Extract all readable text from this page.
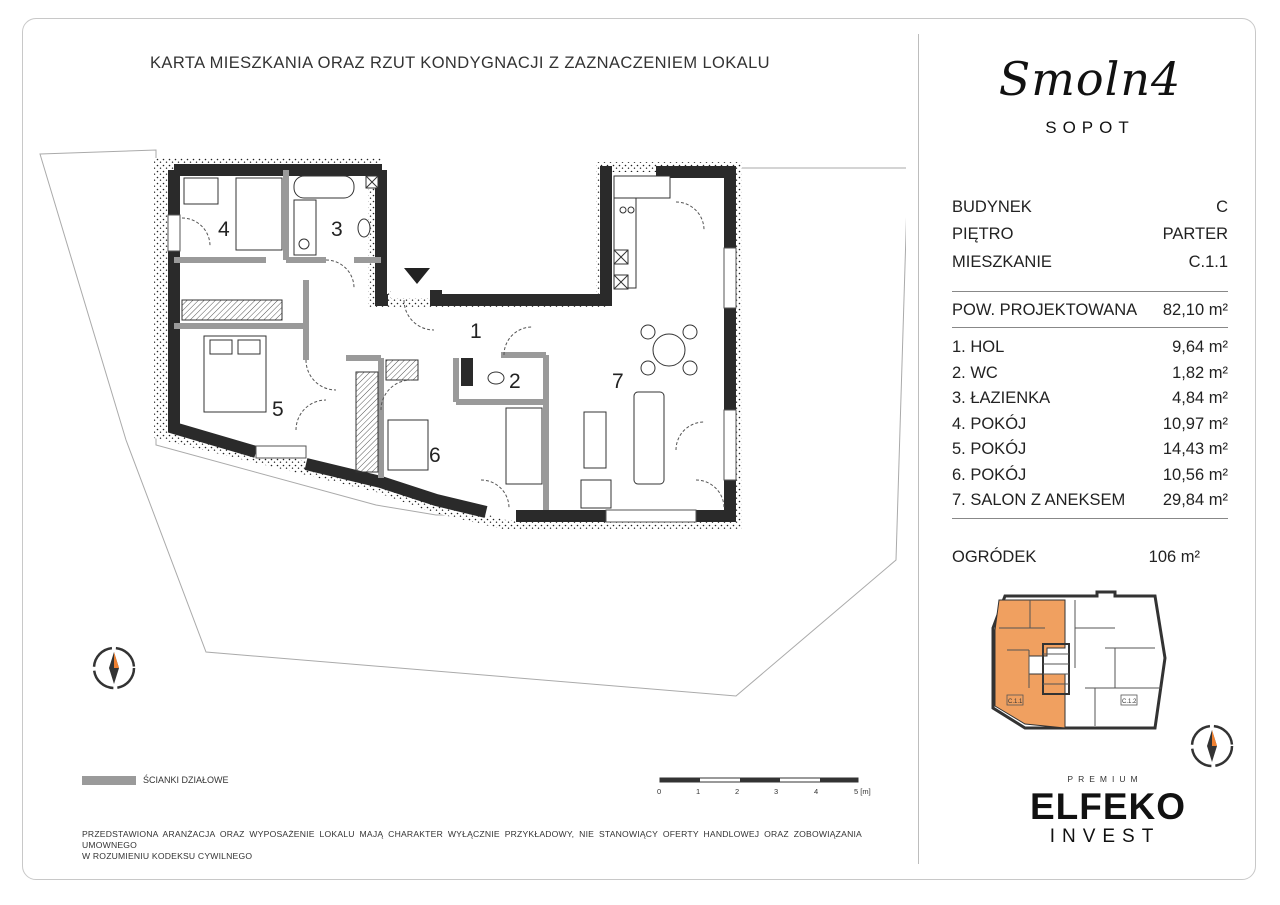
KARTA MIESZKANIA ORAZ RZUT KONDYGNACJI Z ZAZNACZENIEM LOKALU
1
2
3
4
5
6
7
ŚCIANKI DZIAŁOWE
0	1	2	3	4	5 [m]
PRZEDSTAWIONA ARANŻACJA ORAZ WYPOSAŻENIE LOKALU MAJĄ CHARAKTER WYŁĄCZNIE PRZYKŁADOWY, NIE STANOWIĄCY OFERTY HANDLOWEJ ORAZ ZOBOWIĄZANIA UMOWNEGO
W ROZUMIENIU KODEKSU CYWILNEGO
Smoln4
SOPOT
BUDYNEK	C
PIĘTRO	PARTER
MIESZKANIE	C.1.1
POW. PROJEKTOWANA 82,10 m²
1. HOL	9,64 m²
2. WC	1,82 m²
3. ŁAZIENKA	4,84 m²
4. POKÓJ	10,97 m²
5. POKÓJ	14,43 m²
6. POKÓJ	10,56 m²
7. SALON Z ANEKSEM 29,84 m²
OGRÓDEK	106 m²
C.1.1	C.1.2
PREMIUM
ELFEKO
INVEST
